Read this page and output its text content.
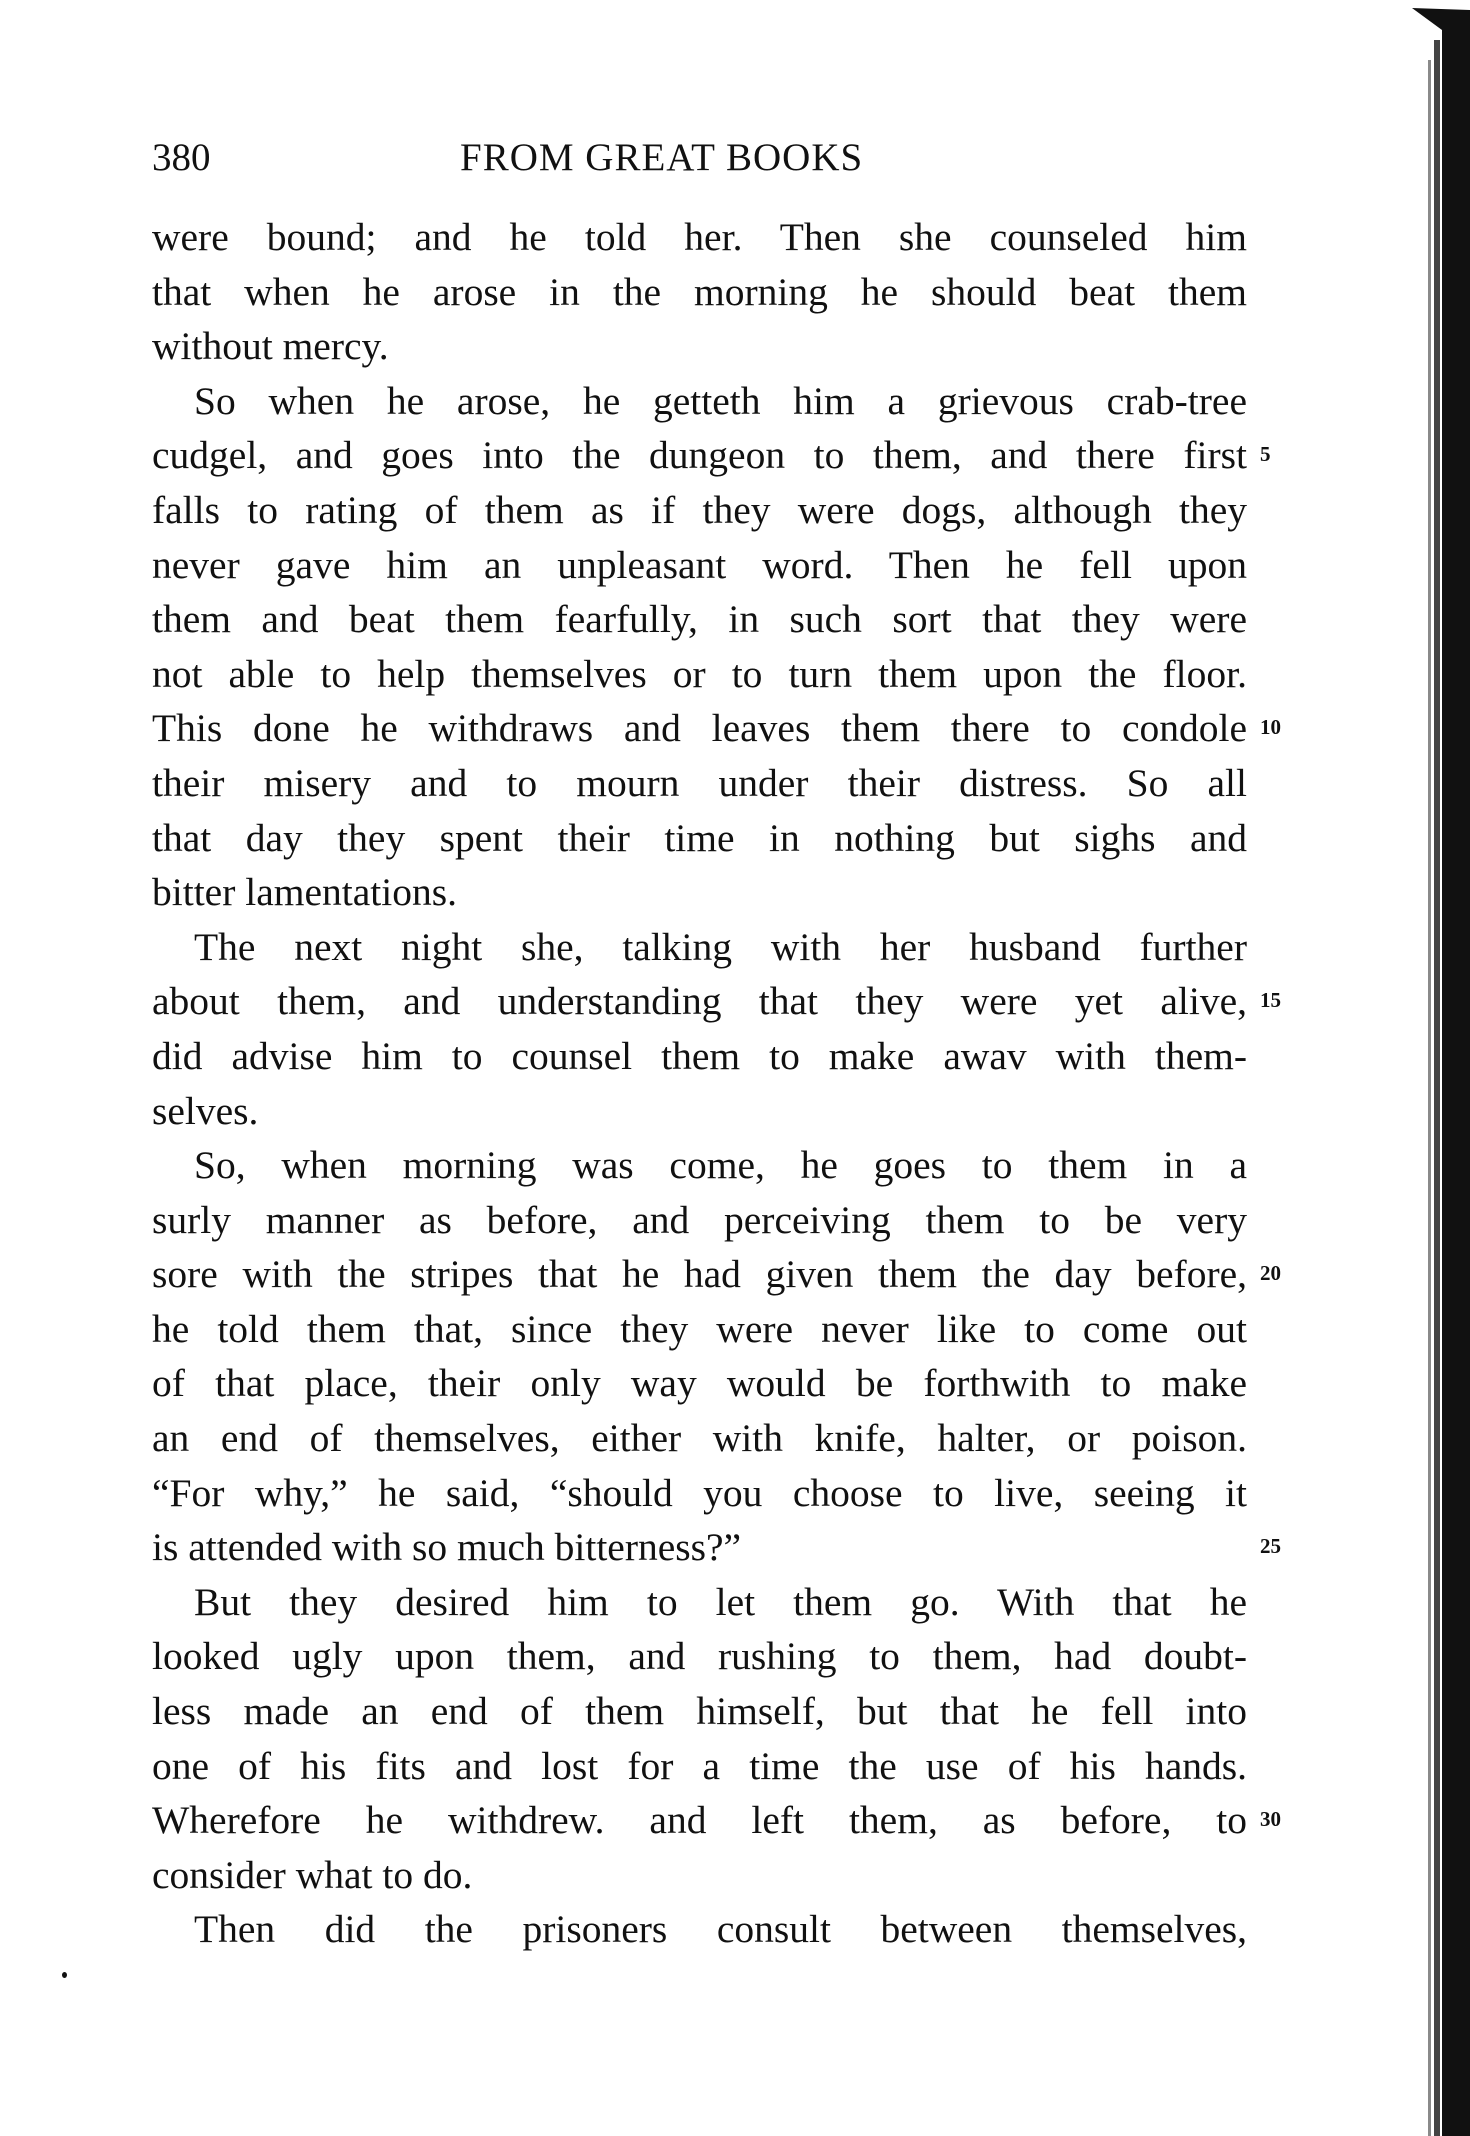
380	FROM GREAT BOOKS
were bound; and he told her. Then she counseled him
that when he arose in the morning he should beat them
without mercy.
So when he arose, he getteth him a grievous crab-tree
cudgel, and goes into the dungeon to them, and there first 5
falls to rating of them as if they were dogs, although they
never gave him an unpleasant word. Then he fell upon
them and beat them fearfully, in such sort that they were
not able to help themselves or to turn them upon the floor.
This done he withdraws and leaves them there to condole 10
their misery and to mourn under their distress. So all
that day they spent their time in nothing but sighs and
bitter lamentations.
The next night she, talking with her husband further
about them, and understanding that they were yet alive, 15
did advise him to counsel them to make awav with them-
selves.
So, when morning was come, he goes to them in a
surly manner as before, and perceiving them to be very
sore with the stripes that he had given them the day before, 20
he told them that, since they were never like to come out
of that place, their only way would be forthwith to make
an end of themselves, either with knife, halter, or poison.
“For why,” he said, “should you choose to live, seeing it
is attended with so much bitterness?”	25
But they desired him to let them go. With that he
looked ugly upon them, and rushing to them, had doubt-
less made an end of them himself, but that he fell into
one of his fits and lost for a time the use of his hands.
Wherefore he withdrew. and left them, as before, to 30
consider what to do.
Then did the prisoners consult between themselves,
